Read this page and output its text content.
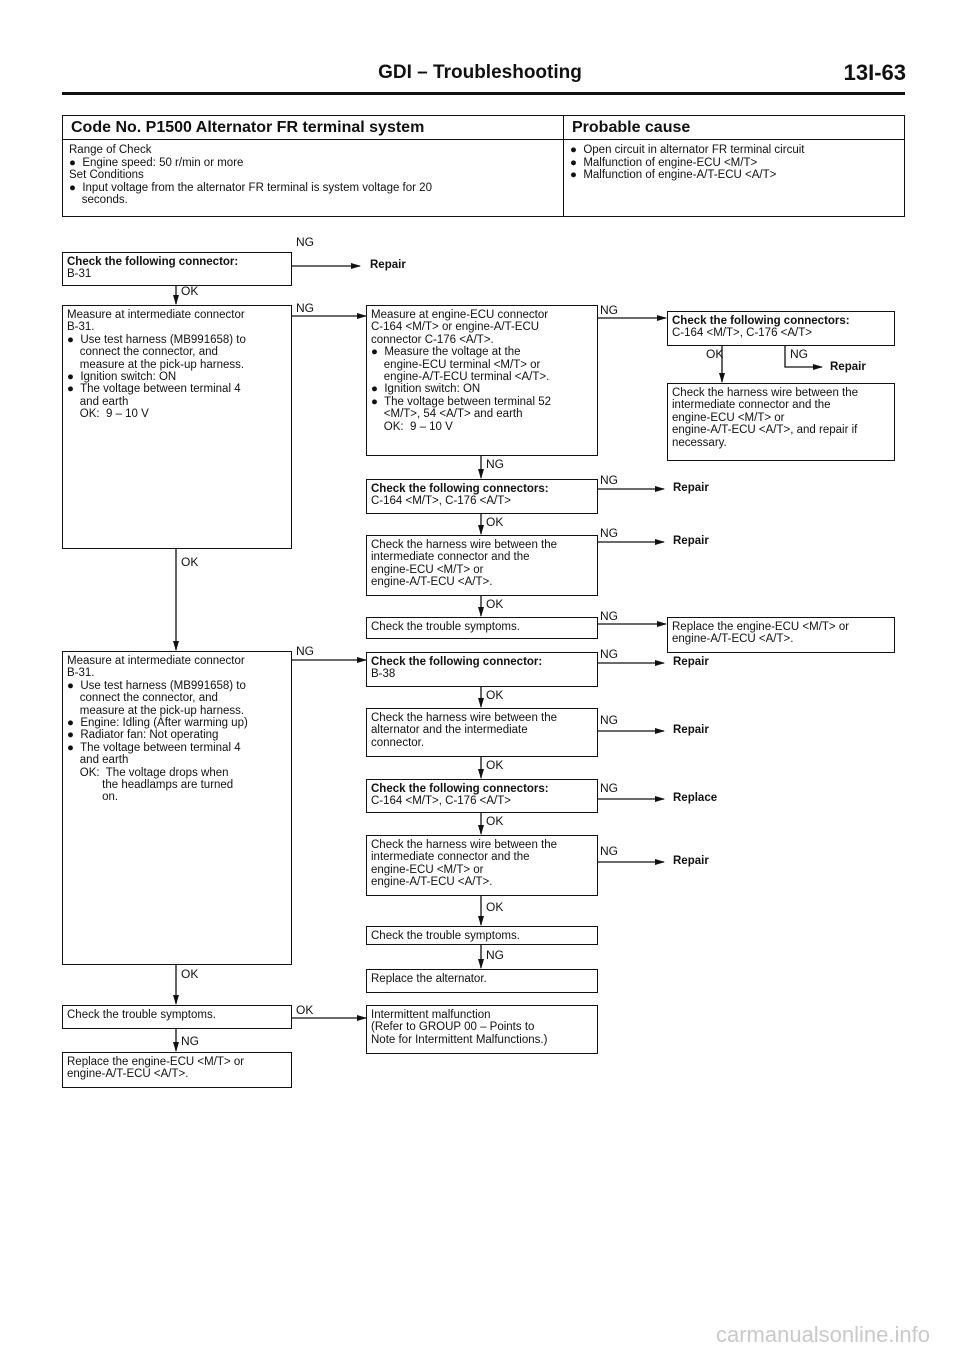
GDI – Troubleshooting	13I-63
Code No. P1500 Alternator FR terminal system
Range of Check
●  Engine speed: 50 r/min or more
Set Conditions
●  Input voltage from the alternator FR terminal is system voltage for 20
seconds.
Probable cause
●  Open circuit in alternator FR terminal circuit
●  Malfunction of engine-ECU <M/T>
●  Malfunction of engine-A/T-ECU <A/T>
Check the following connector:
B-31
Measure at intermediate connector
B-31.
●  Use test harness (MB991658) to
connect the connector, and
measure at the pick-up harness.
●  Ignition switch: ON
●  The voltage between terminal 4
and earth
OK:  9 – 10 V
Measure at intermediate connector
B-31.
●  Use test harness (MB991658) to
connect the connector, and
measure at the pick-up harness.
●  Engine: Idling (After warming up)
●  Radiator fan: Not operating
●  The voltage between terminal 4
and earth
OK:  The voltage drops when
the headlamps are turned
on.
Check the trouble symptoms.
Replace the engine-ECU <M/T> or
engine-A/T-ECU <A/T>.
Measure at engine-ECU connector
C-164 <M/T> or engine-A/T-ECU
connector C-176 <A/T>.
●  Measure the voltage at the
engine-ECU terminal <M/T> or
engine-A/T-ECU terminal <A/T>.
●  Ignition switch: ON
●  The voltage between terminal 52
<M/T>, 54 <A/T> and earth
OK:  9 – 10 V
Check the following connectors:
C-164 <M/T>, C-176 <A/T>
Check the harness wire between the
intermediate connector and the
engine-ECU <M/T> or
engine-A/T-ECU <A/T>.
Check the trouble symptoms.
Check the following connector:
B-38
Check the harness wire between the
alternator and the intermediate
connector.
Check the following connectors:
C-164 <M/T>, C-176 <A/T>
Check the harness wire between the
intermediate connector and the
engine-ECU <M/T> or
engine-A/T-ECU <A/T>.
Check the trouble symptoms.
Replace the alternator.
Intermittent malfunction
(Refer to GROUP 00 – Points to
Note for Intermittent Malfunctions.)
Check the following connectors:
C-164 <M/T>, C-176 <A/T>
Check the harness wire between the
intermediate connector and the
engine-ECU <M/T> or
engine-A/T-ECU <A/T>, and repair if
necessary.
Replace the engine-ECU <M/T> or
engine-A/T-ECU <A/T>.
NG
OK
NG
OK
NG
OK
OK
NG
NG
OK
OK
OK
OK
OK
OK
NG
NG
NG
NG
NG
NG
NG
NG
NG
OK	NG
Repair
Repair
Repair
Repair
Repair
Repair
Replace
Repair
carmanualsonline.info
